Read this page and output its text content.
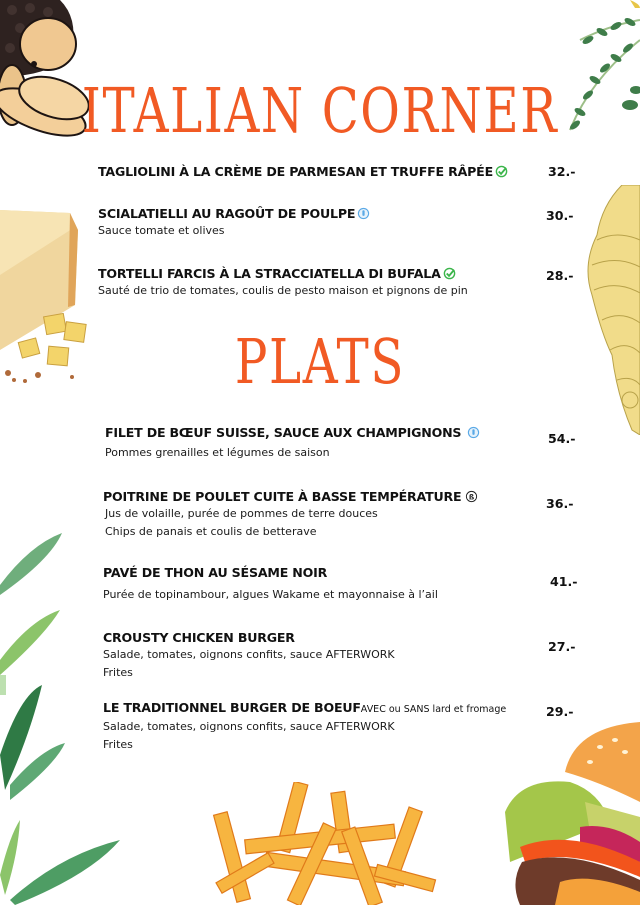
ITALIAN CORNER
PLATS
TAGLIOLINI À LA CRÈME DE PARMESAN ET TRUFFE RÂPÉE	32.-
SCIALATIELLI AU RAGOÛT DE POULPE
Sauce tomate et olives
30.-
TORTELLI FARCIS À LA STRACCIATELLA DI BUFALA
Sauté de trio de tomates, coulis de pesto maison et pignons de pin
28.-
FILET DE BŒUF SUISSE, SAUCE AUX CHAMPIGNONS
Pommes grenailles et légumes de saison
54.-
POITRINE DE POULET CUITE À BASSE TEMPÉRATURE ß
Jus de volaille, purée de pommes de terre douces
Chips de panais et coulis de betterave
36.-
PAVÉ DE THON AU SÉSAME NOIR
Purée de topinambour, algues Wakame et mayonnaise à l’ail
41.-
CROUSTY CHICKEN BURGER
Salade, tomates, oignons confits, sauce AFTERWORK
Frites
27.-
LE TRADITIONNEL BURGER DE BOEUFAVEC ou SANS lard et fromage
Salade, tomates, oignons confits, sauce AFTERWORK
Frites
29.-
